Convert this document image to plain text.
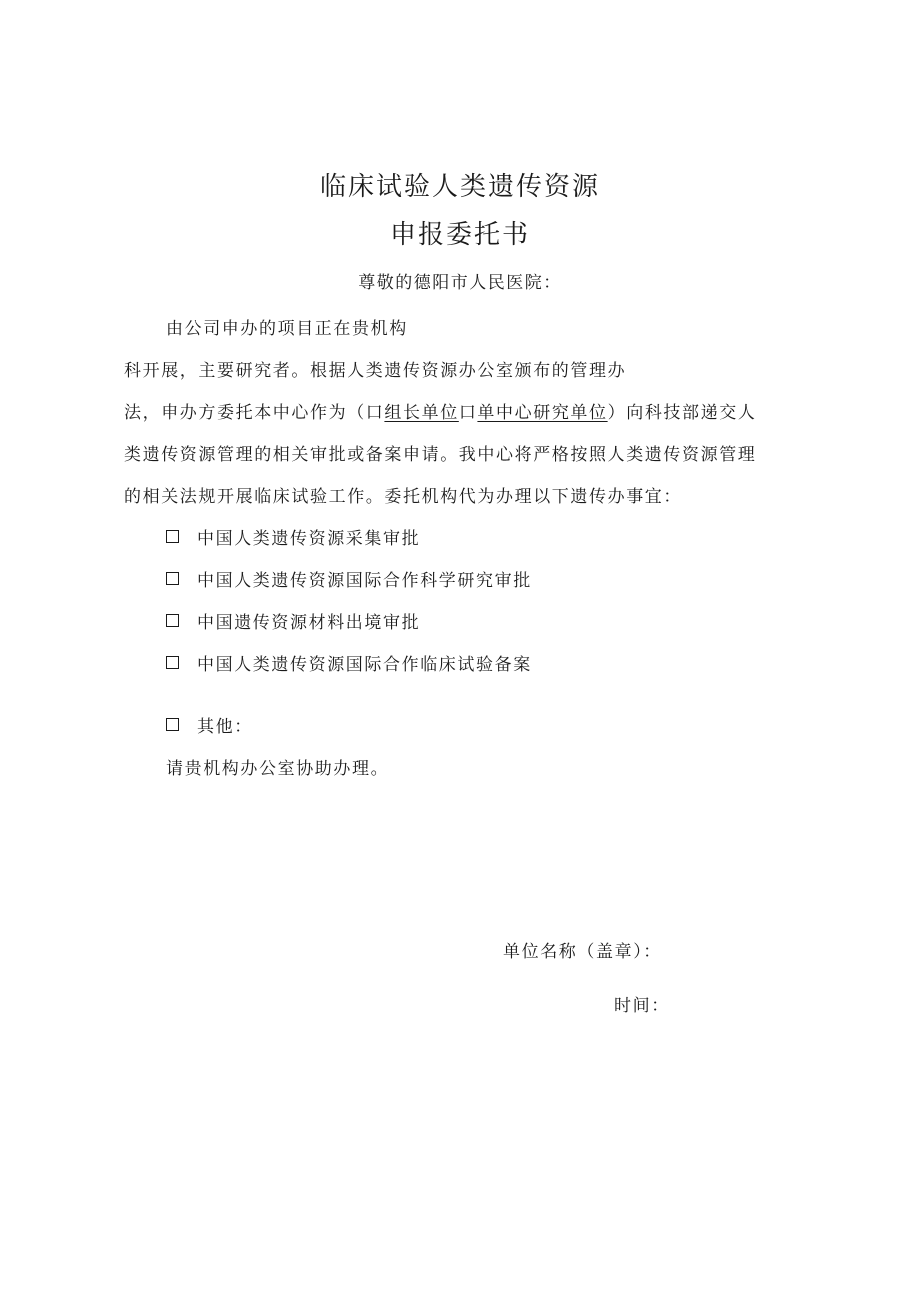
临床试验人类遗传资源
申报委托书
尊敬的德阳市人民医院：
由公司申办的项目正在贵机构
科开展，主要研究者。根据人类遗传资源办公室颁布的管理办
法，申办方委托本中心作为（口组长单位口单中心研究单位）向科技部递交人
类遗传资源管理的相关审批或备案申请。我中心将严格按照人类遗传资源管理
的相关法规开展临床试验工作。委托机构代为办理以下遗传办事宜：
中国人类遗传资源采集审批
中国人类遗传资源国际合作科学研究审批
中国遗传资源材料出境审批
中国人类遗传资源国际合作临床试验备案
其他：
请贵机构办公室协助办理。
单位名称（盖章）：
时间：
